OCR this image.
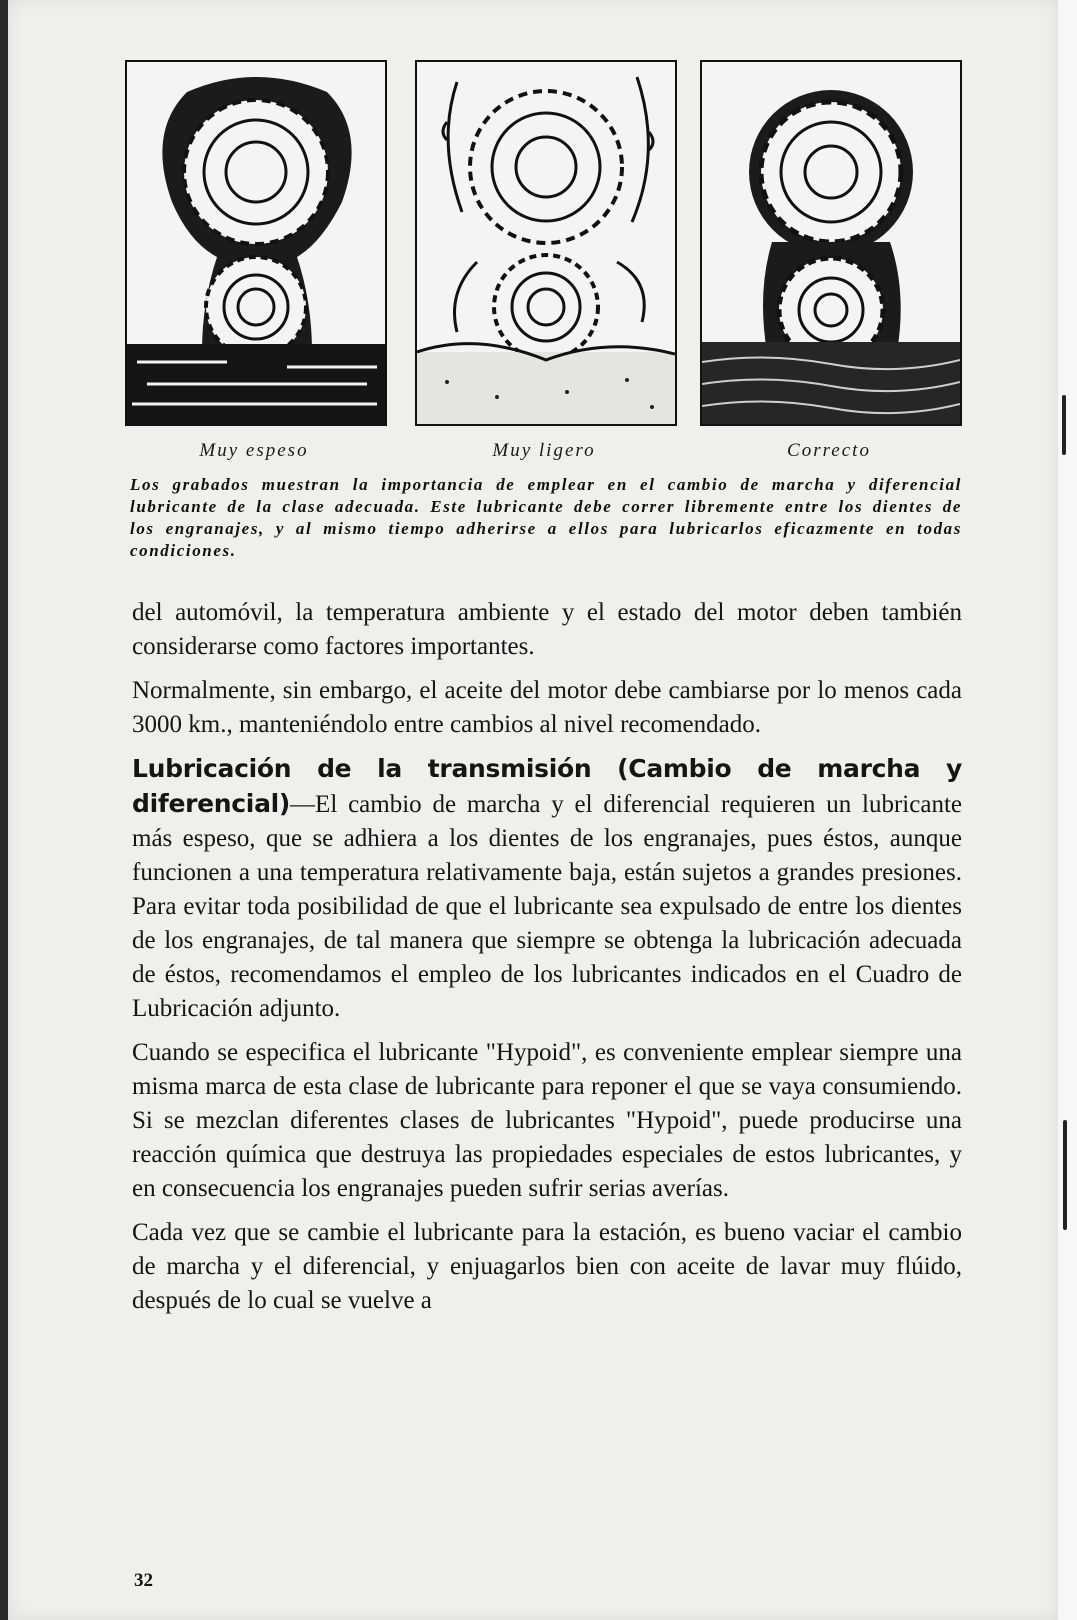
Muy espeso	Muy ligero	Correcto
Los grabados muestran la importancia de emplear en el cambio de marcha y diferencial lubricante de la clase adecuada. Este lubricante debe correr libremente entre los dientes de los engranajes, y al mismo tiempo adherirse a ellos para lubricarlos eficazmente en todas condiciones.

del automóvil, la temperatura ambiente y el estado del motor deben también considerarse como factores importantes.

Normalmente, sin embargo, el aceite del motor debe cambiarse por lo menos cada 3000 km., manteniéndolo entre cambios al nivel recomendado.

Lubricación de la transmisión (Cambio de marcha y diferencial)—El cambio de marcha y el diferencial requieren un lubricante más espeso, que se adhiera a los dientes de los engranajes, pues éstos, aunque funcionen a una temperatura relativamente baja, están sujetos a grandes presiones. Para evitar toda posibilidad de que el lubricante sea expulsado de entre los dientes de los engranajes, de tal manera que siempre se obtenga la lubricación adecuada de éstos, recomendamos el empleo de los lubricantes indicados en el Cuadro de Lubricación adjunto.

Cuando se especifica el lubricante "Hypoid", es conveniente emplear siempre una misma marca de esta clase de lubricante para reponer el que se vaya consumiendo. Si se mezclan diferentes clases de lubricantes "Hypoid", puede producirse una reacción química que destruya las propiedades especiales de estos lubricantes, y en consecuencia los engranajes pueden sufrir serias averías.

Cada vez que se cambie el lubricante para la estación, es bueno vaciar el cambio de marcha y el diferencial, y enjuagarlos bien con aceite de lavar muy flúido, después de lo cual se vuelve a

32
